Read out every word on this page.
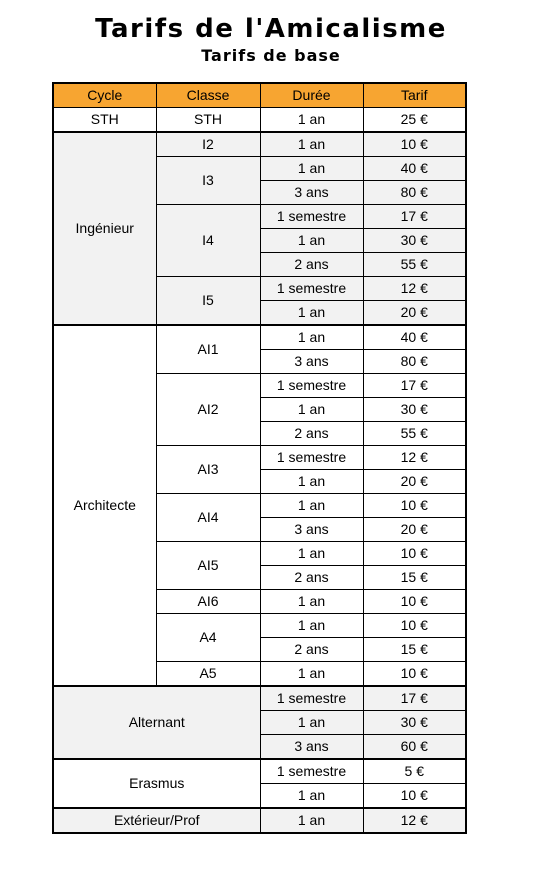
Tarifs de l'Amicalisme
Tarifs de base
Cycle	Classe	Durée	Tarif
STH	STH	1 an	25 €
Ingénieur	I2	1 an	10 €
	I3	1 an	40 €
		3 ans	80 €
	I4	1 semestre	17 €
		1 an	30 €
		2 ans	55 €
	I5	1 semestre	12 €
		1 an	20 €
Architecte	AI1	1 an	40 €
		3 ans	80 €
	AI2	1 semestre	17 €
		1 an	30 €
		2 ans	55 €
	AI3	1 semestre	12 €
		1 an	20 €
	AI4	1 an	10 €
		3 ans	20 €
	AI5	1 an	10 €
		2 ans	15 €
	AI6	1 an	10 €
	A4	1 an	10 €
		2 ans	15 €
	A5	1 an	10 €
Alternant		1 semestre	17 €
		1 an	30 €
		3 ans	60 €
Erasmus		1 semestre	5 €
		1 an	10 €
Extérieur/Prof		1 an	12 €
